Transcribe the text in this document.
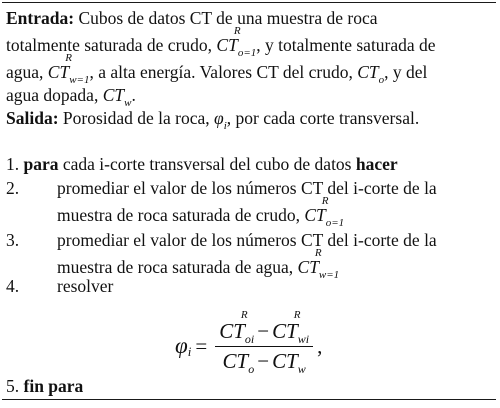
Entrada: Cubos de datos CT de una muestra de roca
totalmente saturada de crudo, CT
R
$_{o=1}$, y totalmente saturada de
agua, CT
R
$_{w=1}$, a alta energía. Valores CT del crudo, $CT_o$, y del
agua dopada, $CT_w$.
Salida: Porosidad de la roca, $\varphi_i$, por cada corte transversal.
1. para cada i-corte transversal del cubo de datos hacer
2. promediar el valor de los números CT del i-corte de la
muestra de roca saturada de crudo, CT
R
$_{o=1}$
3. promediar el valor de los números CT del i-corte de la
muestra de roca saturada de agua, CT
R
$_{w=1}$
4. resolver
φ i = CT
R
$_{oi}$ − CT
R
$_{wi}$
$CT_o - CT_w$ ,
5. fin para
